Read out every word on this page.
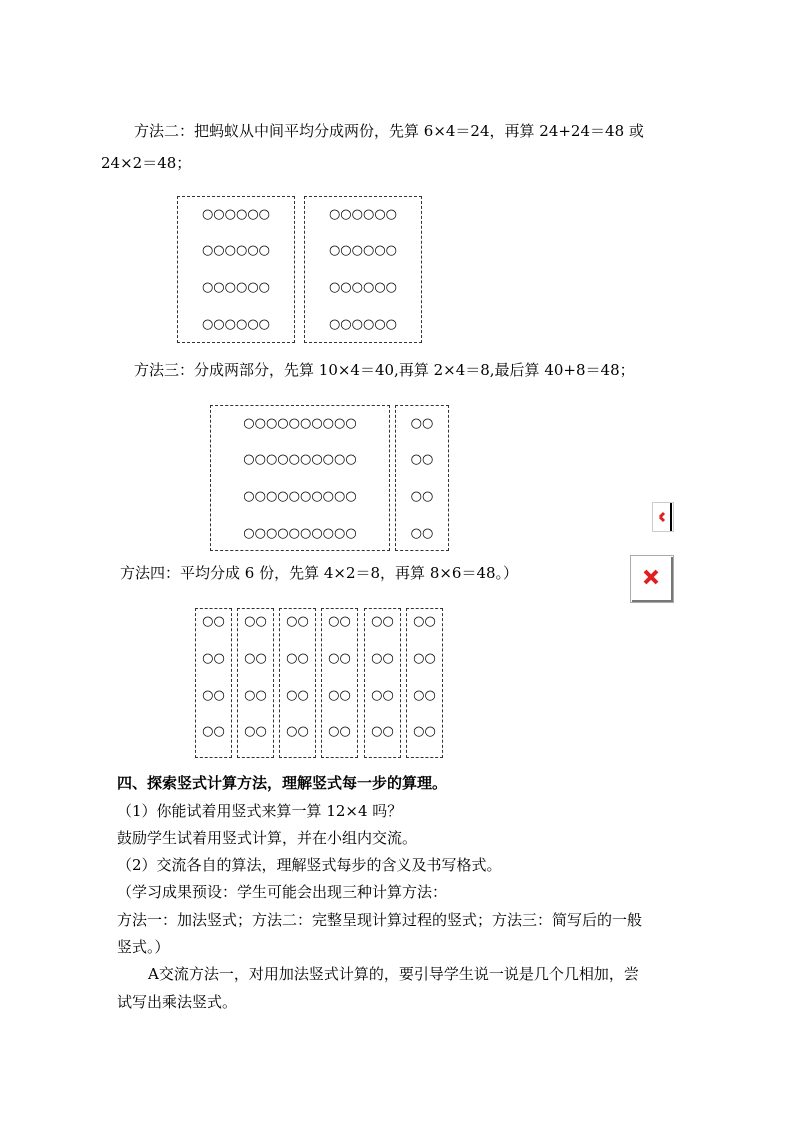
方法二：把蚂蚁从中间平均分成两份，先算 6×4＝24，再算 24+24＝48 或
24×2＝48；
○○○○○○
○○○○○○
○○○○○○
○○○○○○
○○○○○○
○○○○○○
○○○○○○
○○○○○○
方法三：分成两部分，先算 10×4＝40,再算 2×4＝8,最后算 40+8＝48；
○○○○○○○○○○
○○○○○○○○○○
○○○○○○○○○○
○○○○○○○○○○
○○
○○
○○
○○
方法四：平均分成 6 份，先算 4×2＝8，再算 8×6＝48。）
○○
○○
○○
○○
○○
○○
○○
○○
○○
○○
○○
○○
○○
○○
○○
○○
○○
○○
○○
○○
○○
○○
○○
○○
四、探索竖式计算方法，理解竖式每一步的算理。
（1）你能试着用竖式来算一算 12×4 吗？
鼓励学生试着用竖式计算，并在小组内交流。
（2）交流各自的算法，理解竖式每步的含义及书写格式。
（学习成果预设：学生可能会出现三种计算方法：
方法一：加法竖式；方法二：完整呈现计算过程的竖式；方法三：简写后的一般
竖式。）
A交流方法一，对用加法竖式计算的，要引导学生说一说是几个几相加，尝
试写出乘法竖式。
